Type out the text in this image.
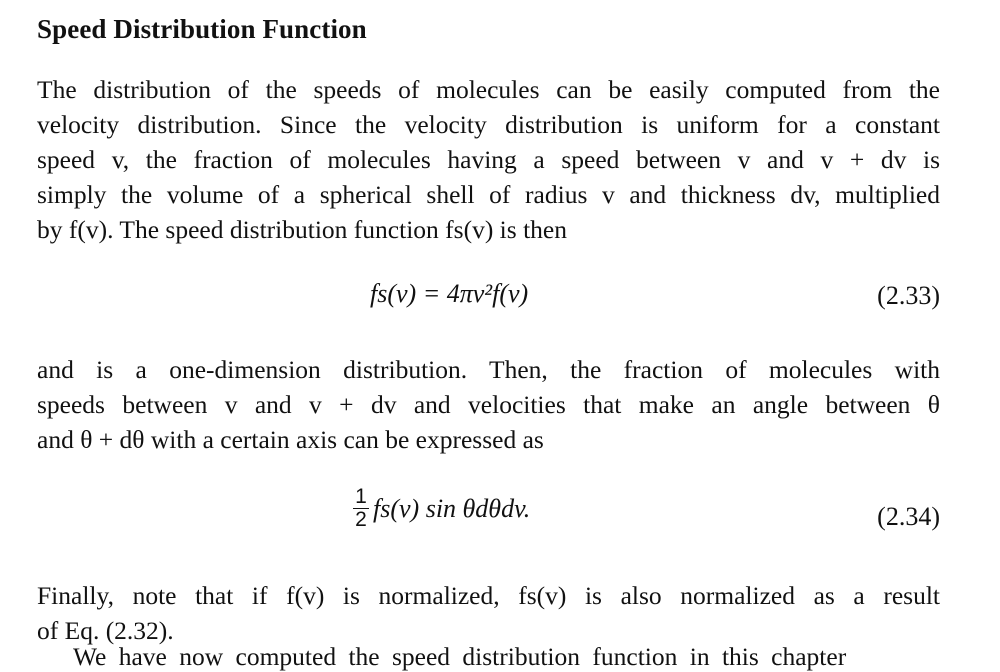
Speed Distribution Function
The distribution of the speeds of molecules can be easily computed from the
velocity distribution. Since the velocity distribution is uniform for a constant
speed v, the fraction of molecules having a speed between v and v + dv is
simply the volume of a spherical shell of radius v and thickness dv, multiplied
by f(v). The speed distribution function fs(v) is then
fs(v) = 4πv²f(v)	(2.33)
and is a one-dimension distribution. Then, the fraction of molecules with
speeds between v and v + dv and velocities that make an angle between θ
and θ + dθ with a certain axis can be expressed as
$\frac{1}{2} fs(v)$ sin θdθdv.	(2.34)
Finally, note that if f(v) is normalized, fs(v) is also normalized as a result
of Eq. (2.32).
We have now computed the speed distribution function in this chapter
